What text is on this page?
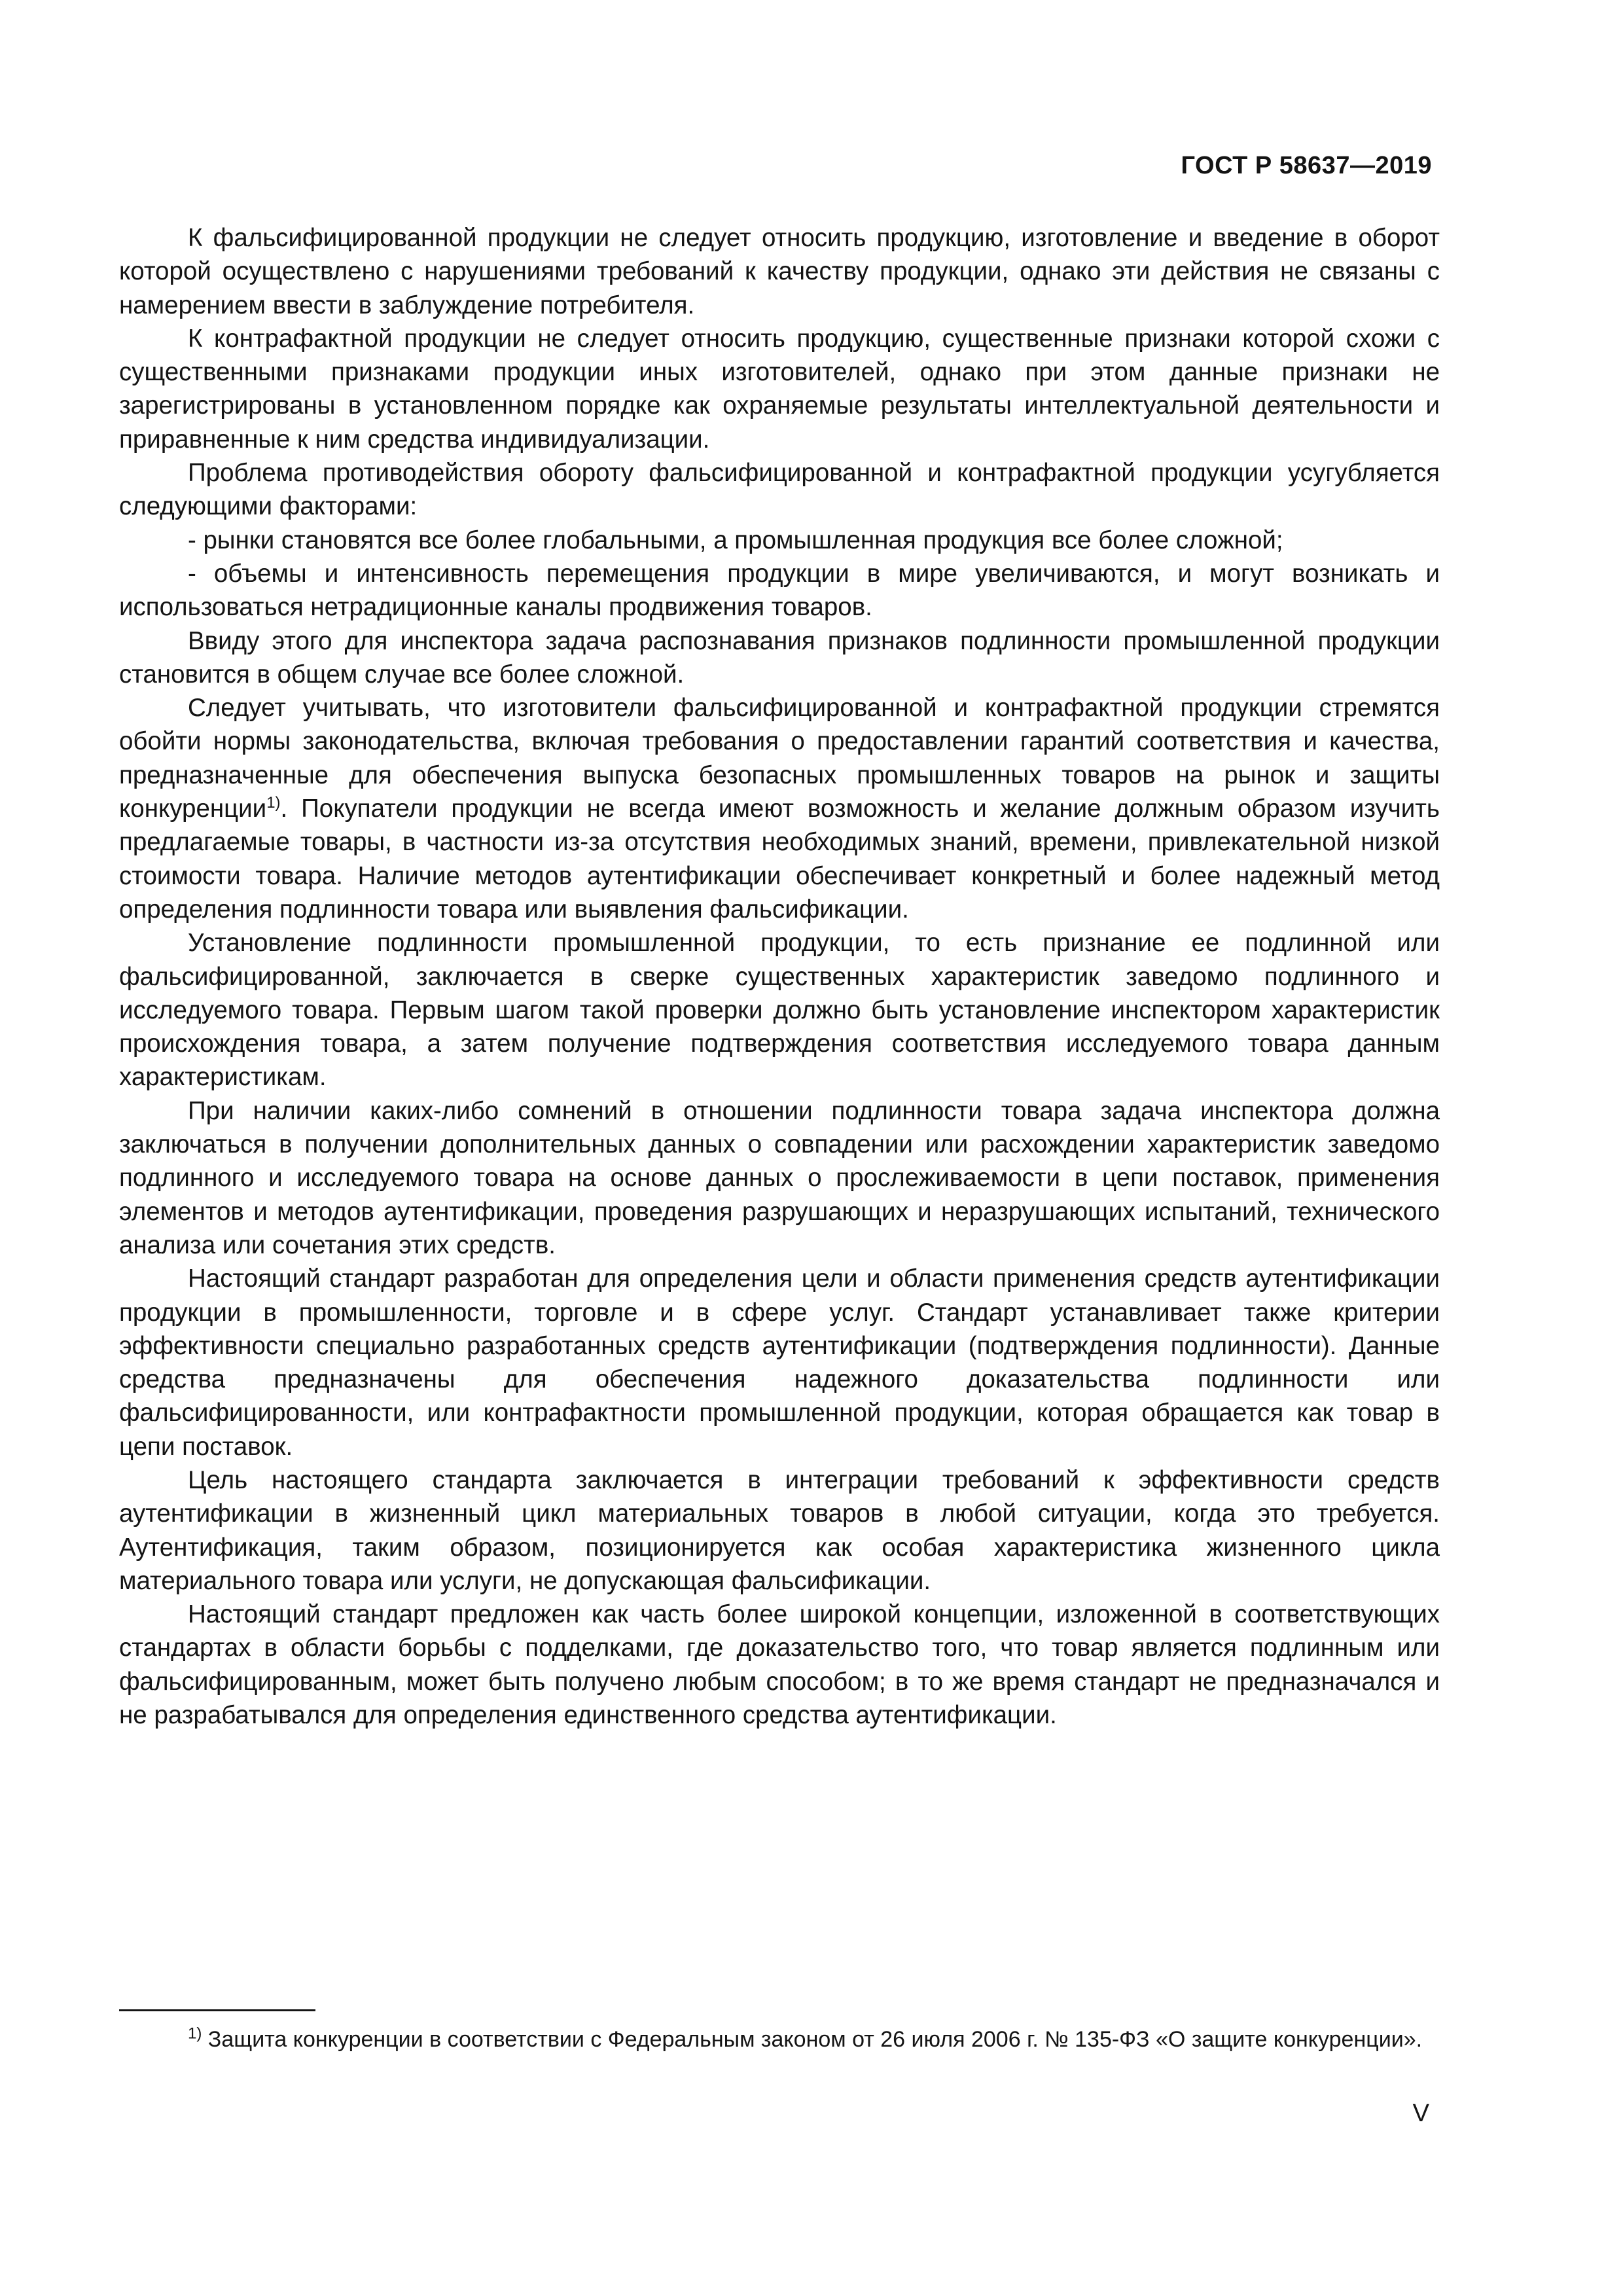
ГОСТ Р 58637—2019

К фальсифицированной продукции не следует относить продукцию, изготовление и введение в оборот которой осуществлено с нарушениями требований к качеству продукции, однако эти действия не связаны с намерением ввести в заблуждение потребителя.

К контрафактной продукции не следует относить продукцию, существенные признаки которой схожи с существенными признаками продукции иных изготовителей, однако при этом данные признаки не зарегистрированы в установленном порядке как охраняемые результаты интеллектуальной деятельности и приравненные к ним средства индивидуализации.

Проблема противодействия обороту фальсифицированной и контрафактной продукции усугубляется следующими факторами:

- рынки становятся все более глобальными, а промышленная продукция все более сложной;

- объемы и интенсивность перемещения продукции в мире увеличиваются, и могут возникать и использоваться нетрадиционные каналы продвижения товаров.

Ввиду этого для инспектора задача распознавания признаков подлинности промышленной продукции становится в общем случае все более сложной.

Следует учитывать, что изготовители фальсифицированной и контрафактной продукции стремятся обойти нормы законодательства, включая требования о предоставлении гарантий соответствия и качества, предназначенные для обеспечения выпуска безопасных промышленных товаров на рынок и защиты конкуренции$^{1)}$. Покупатели продукции не всегда имеют возможность и желание должным образом изучить предлагаемые товары, в частности из-за отсутствия необходимых знаний, времени, привлекательной низкой стоимости товара. Наличие методов аутентификации обеспечивает конкретный и более надежный метод определения подлинности товара или выявления фальсификации.

Установление подлинности промышленной продукции, то есть признание ее подлинной или фальсифицированной, заключается в сверке существенных характеристик заведомо подлинного и исследуемого товара. Первым шагом такой проверки должно быть установление инспектором характеристик происхождения товара, а затем получение подтверждения соответствия исследуемого товара данным характеристикам.

При наличии каких-либо сомнений в отношении подлинности товара задача инспектора должна заключаться в получении дополнительных данных о совпадении или расхождении характеристик заведомо подлинного и исследуемого товара на основе данных о прослеживаемости в цепи поставок, применения элементов и методов аутентификации, проведения разрушающих и неразрушающих испытаний, технического анализа или сочетания этих средств.

Настоящий стандарт разработан для определения цели и области применения средств аутентификации продукции в промышленности, торговле и в сфере услуг. Стандарт устанавливает также критерии эффективности специально разработанных средств аутентификации (подтверждения подлинности). Данные средства предназначены для обеспечения надежного доказательства подлинности или фальсифицированности, или контрафактности промышленной продукции, которая обращается как товар в цепи поставок.

Цель настоящего стандарта заключается в интеграции требований к эффективности средств аутентификации в жизненный цикл материальных товаров в любой ситуации, когда это требуется. Аутентификация, таким образом, позиционируется как особая характеристика жизненного цикла материального товара или услуги, не допускающая фальсификации.

Настоящий стандарт предложен как часть более широкой концепции, изложенной в соответствующих стандартах в области борьбы с подделками, где доказательство того, что товар является подлинным или фальсифицированным, может быть получено любым способом; в то же время стандарт не предназначался и не разрабатывался для определения единственного средства аутентификации.

$^{1)}$ Защита конкуренции в соответствии с Федеральным законом от 26 июля 2006 г. № 135-ФЗ «О защите конкуренции».
V
